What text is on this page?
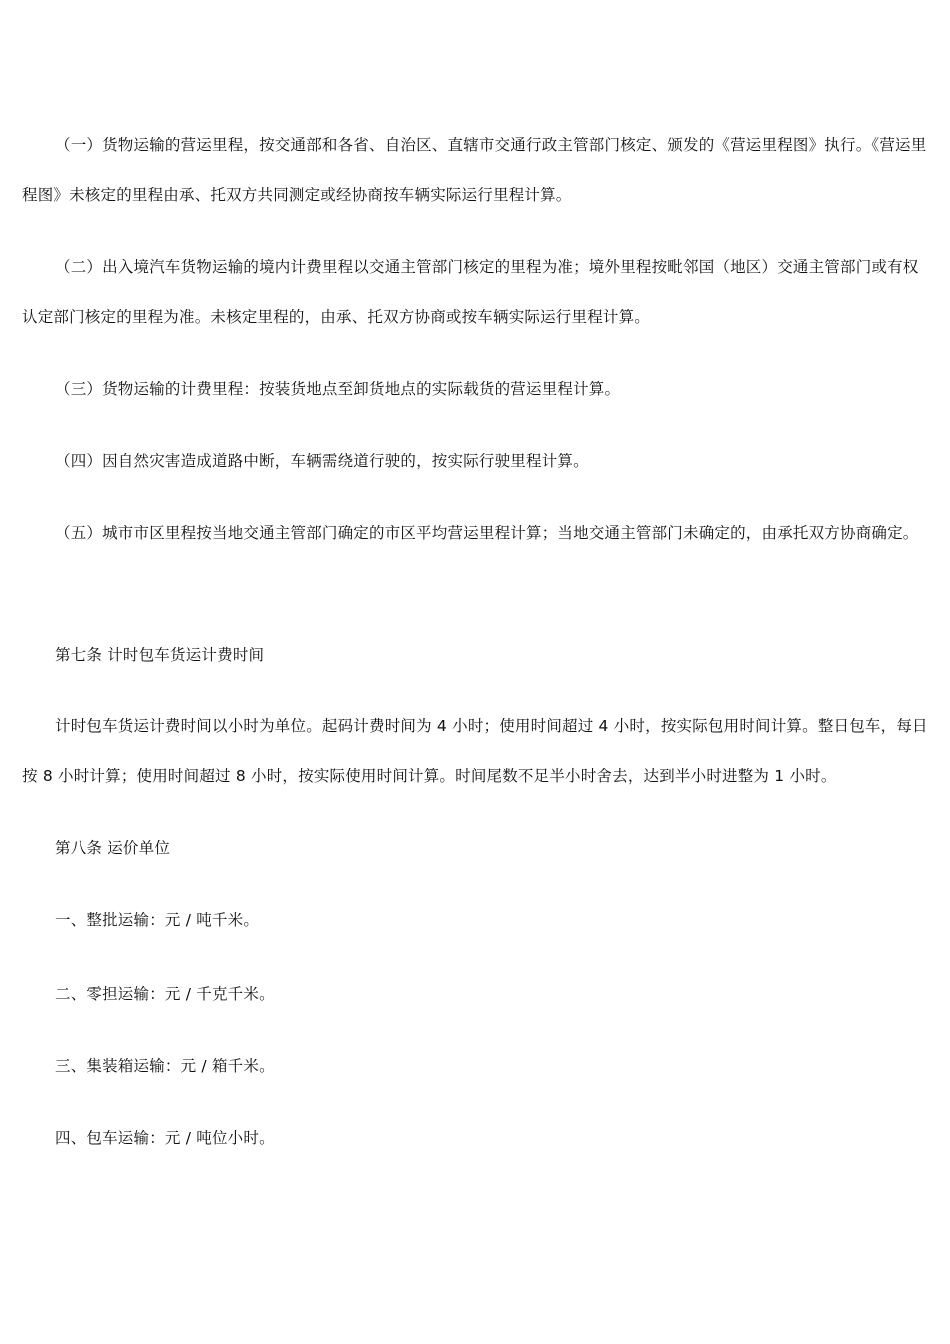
（一）货物运输的营运里程，按交通部和各省、自治区、直辖市交通行政主管部门核定、颁发的《营运里程图》执行。《营运里程图》未核定的里程由承、托双方共同测定或经协商按车辆实际运行里程计算。

（二）出入境汽车货物运输的境内计费里程以交通主管部门核定的里程为准；境外里程按毗邻国（地区）交通主管部门或有权认定部门核定的里程为准。未核定里程的，由承、托双方协商或按车辆实际运行里程计算。

（三）货物运输的计费里程：按装货地点至卸货地点的实际载货的营运里程计算。

（四）因自然灾害造成道路中断，车辆需绕道行驶的，按实际行驶里程计算。

（五）城市市区里程按当地交通主管部门确定的市区平均营运里程计算；当地交通主管部门未确定的，由承托双方协商确定。

第七条 计时包车货运计费时间

计时包车货运计费时间以小时为单位。起码计费时间为 4 小时；使用时间超过 4 小时，按实际包用时间计算。整日包车，每日按 8 小时计算；使用时间超过 8 小时，按实际使用时间计算。时间尾数不足半小时舍去，达到半小时进整为 1 小时。

第八条 运价单位

一、整批运输：元 / 吨千米。

二、零担运输：元 / 千克千米。

三、集装箱运输：元 / 箱千米。

四、包车运输：元 / 吨位小时。
